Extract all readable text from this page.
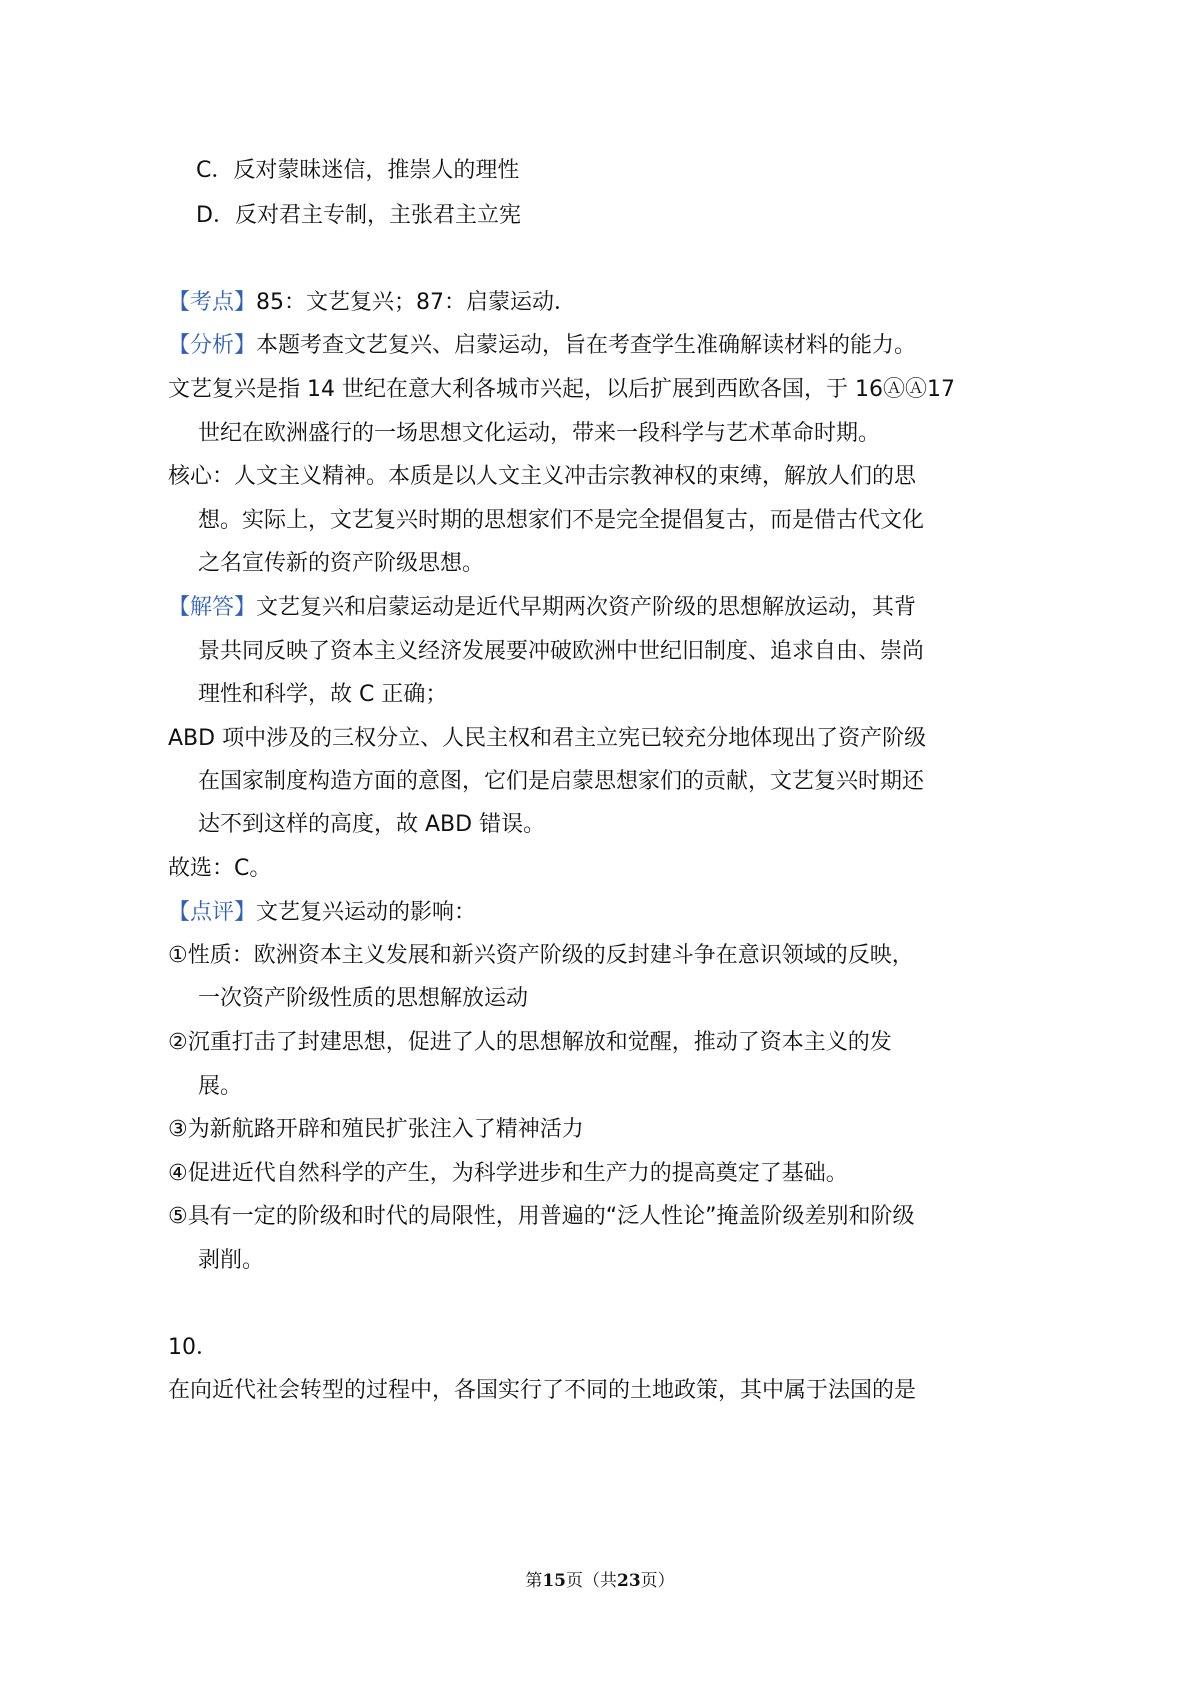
C．反对蒙昧迷信，推崇人的理性
D．反对君主专制，主张君主立宪
【考点】85：文艺复兴；87：启蒙运动．
【分析】本题考查文艺复兴、启蒙运动，旨在考查学生准确解读材料的能力。
文艺复兴是指 14 世纪在意大利各城市兴起，以后扩展到西欧各国，于 16ⒶⒶ17
世纪在欧洲盛行的一场思想文化运动，带来一段科学与艺术革命时期。
核心：人文主义精神。本质是以人文主义冲击宗教神权的束缚，解放人们的思
想。实际上，文艺复兴时期的思想家们不是完全提倡复古，而是借古代文化
之名宣传新的资产阶级思想。
【解答】文艺复兴和启蒙运动是近代早期两次资产阶级的思想解放运动，其背
景共同反映了资本主义经济发展要冲破欧洲中世纪旧制度、追求自由、崇尚
理性和科学，故 C 正确；
ABD 项中涉及的三权分立、人民主权和君主立宪已较充分地体现出了资产阶级
在国家制度构造方面的意图，它们是启蒙思想家们的贡献，文艺复兴时期还
达不到这样的高度，故 ABD 错误。
故选：C。
【点评】文艺复兴运动的影响：
①性质：欧洲资本主义发展和新兴资产阶级的反封建斗争在意识领域的反映，
一次资产阶级性质的思想解放运动
②沉重打击了封建思想，促进了人的思想解放和觉醒，推动了资本主义的发
展。
③为新航路开辟和殖民扩张注入了精神活力
④促进近代自然科学的产生，为科学进步和生产力的提高奠定了基础。
⑤具有一定的阶级和时代的局限性，用普遍的“泛人性论”掩盖阶级差别和阶级
剥削。
10．
在向近代社会转型的过程中，各国实行了不同的土地政策，其中属于法国的是
第15页（共23页）
